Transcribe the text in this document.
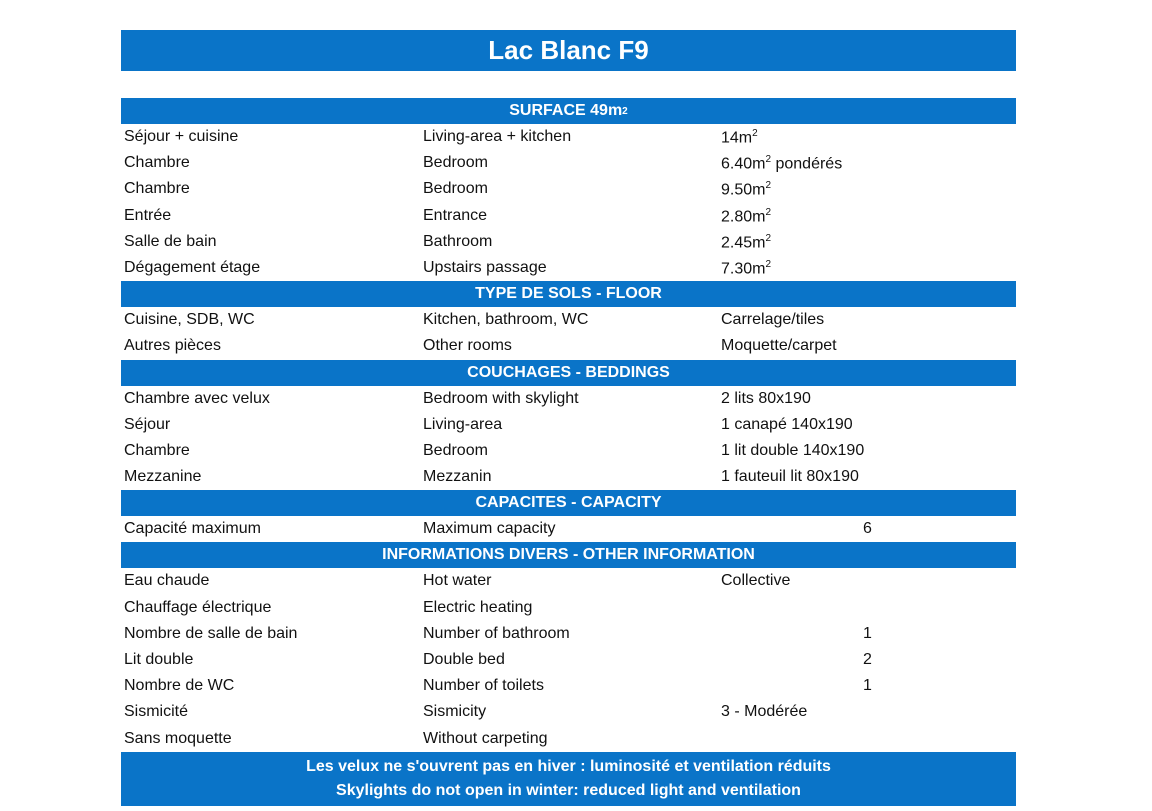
Lac Blanc F9
SURFACE 49m 2
Séjour + cuisine	Living-area + kitchen	$14m^2$
Chambre	Bedroom	$6.40m^2$ pondérés
Chambre	Bedroom	$9.50m^2$
Entrée	Entrance	$2.80m^2$
Salle de bain	Bathroom	$2.45m^2$
Dégagement étage	Upstairs passage	$7.30m^2$
TYPE DE SOLS - FLOOR
Cuisine, SDB, WC	Kitchen, bathroom, WC	Carrelage/tiles
Autres pièces	Other rooms	Moquette/carpet
COUCHAGES - BEDDINGS
Chambre avec velux	Bedroom with skylight	2 lits 80x190
Séjour	Living-area	1 canapé 140x190
Chambre	Bedroom	1 lit double 140x190
Mezzanine	Mezzanin	1 fauteuil lit 80x190
CAPACITES - CAPACITY
Capacité maximum	Maximum capacity	6
INFORMATIONS DIVERS - OTHER INFORMATION
Eau chaude	Hot water	Collective
Chauffage électrique	Electric heating
Nombre de salle de bain	Number of bathroom	1
Lit double	Double bed	2
Nombre de WC	Number of toilets	1
Sismicité	Sismicity	3 - Modérée
Sans moquette	Without carpeting
Les velux ne s'ouvrent pas en hiver : luminosité et ventilation réduits
Skylights do not open in winter: reduced light and ventilation
